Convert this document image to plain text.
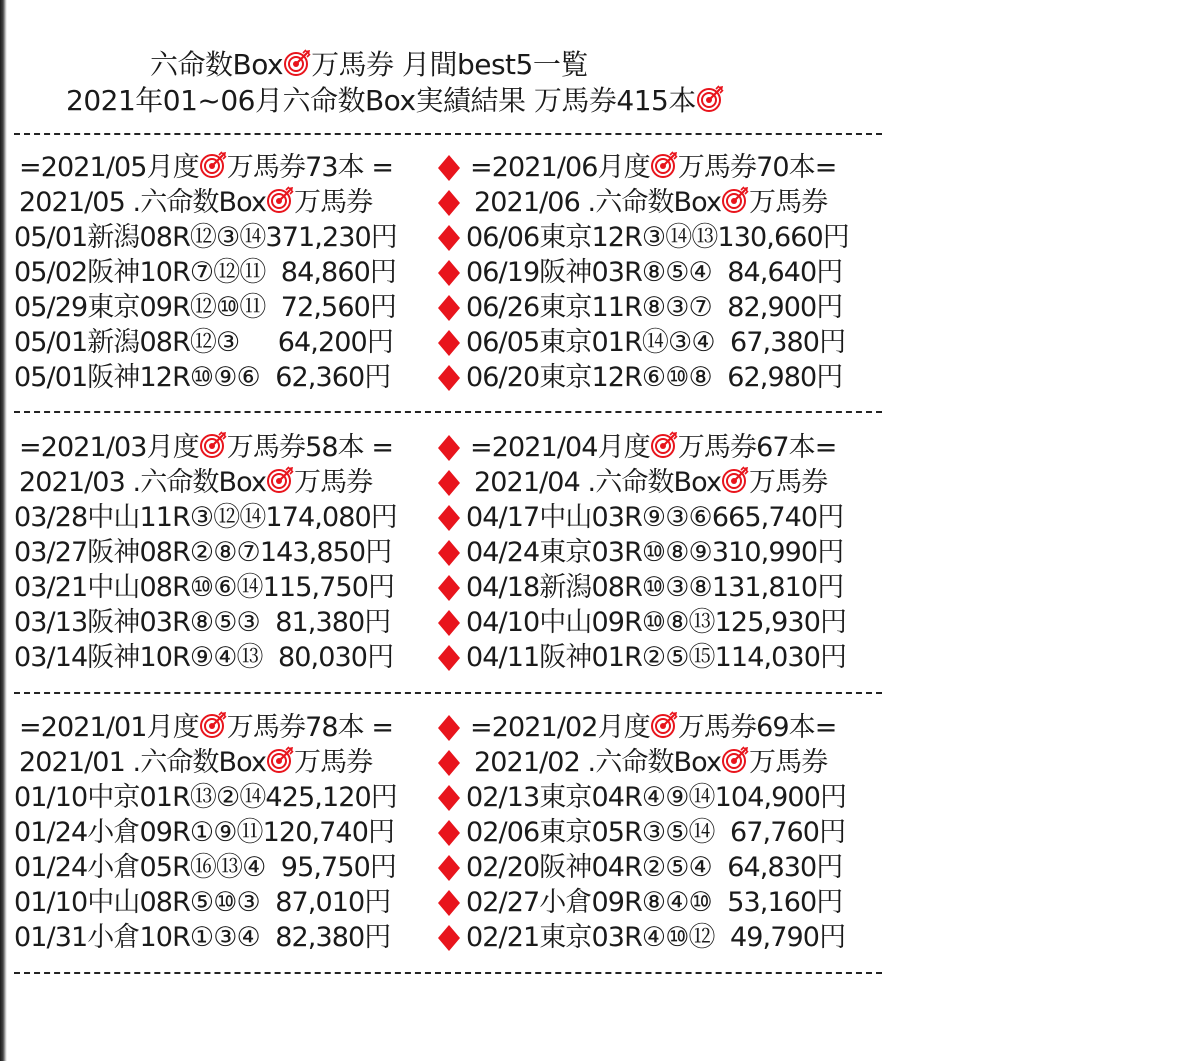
六命数Box 万馬券 月間best5一覧
2021年01~06月六命数Box実績結果 万馬券415本
=2021/05月度 万馬券73本 =	=2021/06月度 万馬券70本=
2021/05 .六命数Box 万馬券	2021/06 .六命数Box 万馬券
05/01新潟08R⑫③⑭371,230円	06/06東京12R③⑭⑬130,660円
05/02阪神10R⑦⑫⑪  84,860円	06/19阪神03R⑧⑤④  84,640円
05/29東京09R⑫⑩⑪  72,560円	06/26東京11R⑧③⑦  82,900円
05/01新潟08R⑫③     64,200円	06/05東京01R⑭③④  67,380円
05/01阪神12R⑩⑨⑥  62,360円	06/20東京12R⑥⑩⑧  62,980円
=2021/03月度 万馬券58本 =	=2021/04月度 万馬券67本=
2021/03 .六命数Box 万馬券	2021/04 .六命数Box 万馬券
03/28中山11R③⑫⑭174,080円	04/17中山03R⑨③⑥665,740円
03/27阪神08R②⑧⑦143,850円	04/24東京03R⑩⑧⑨310,990円
03/21中山08R⑩⑥⑭115,750円	04/18新潟08R⑩③⑧131,810円
03/13阪神03R⑧⑤③  81,380円	04/10中山09R⑩⑧⑬125,930円
03/14阪神10R⑨④⑬  80,030円	04/11阪神01R②⑤⑮114,030円
=2021/01月度 万馬券78本 =	=2021/02月度 万馬券69本=
2021/01 .六命数Box 万馬券	2021/02 .六命数Box 万馬券
01/10中京01R⑬②⑭425,120円	02/13東京04R④⑨⑭104,900円
01/24小倉09R①⑨⑪120,740円	02/06東京05R③⑤⑭  67,760円
01/24小倉05R⑯⑬④  95,750円	02/20阪神04R②⑤④  64,830円
01/10中山08R⑤⑩③  87,010円	02/27小倉09R⑧④⑩  53,160円
01/31小倉10R①③④  82,380円	02/21東京03R④⑩⑫  49,790円
